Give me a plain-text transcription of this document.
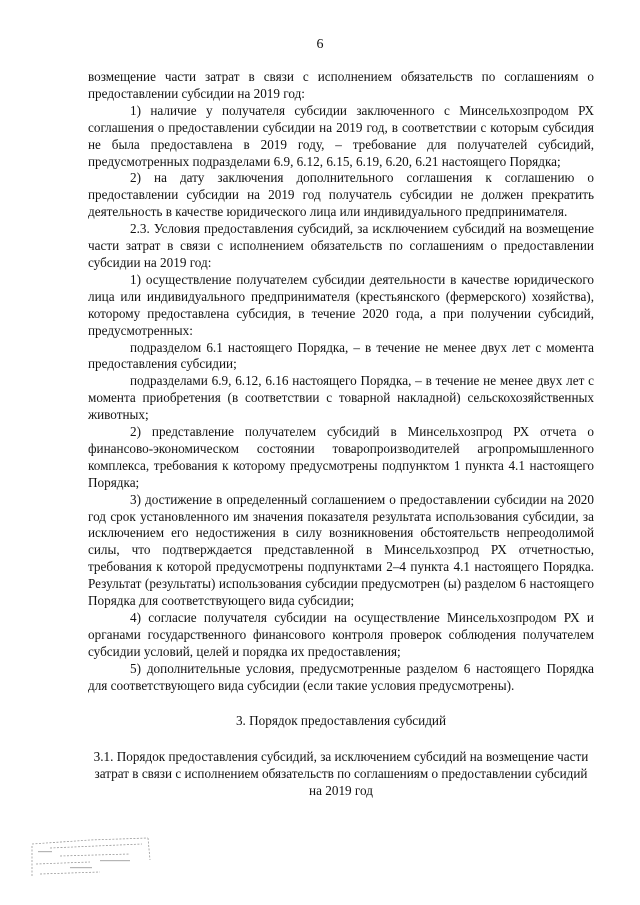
6

возмещение части затрат в связи с исполнением обязательств по соглашениям о предоставлении субсидии на 2019 год:

1) наличие у получателя субсидии заключенного с Минсельхозпродом РХ соглашения о предоставлении субсидии на 2019 год, в соответствии с которым субсидия не была предоставлена в 2019 году, – требование для получателей субсидий, предусмотренных подразделами 6.9, 6.12, 6.15, 6.19, 6.20, 6.21 настоящего Порядка;

2) на дату заключения дополнительного соглашения к соглашению о предоставлении субсидии на 2019 год получатель субсидии не должен прекратить деятельность в качестве юридического лица или индивидуального предпринимателя.

2.3. Условия предоставления субсидий, за исключением субсидий на возмещение части затрат в связи с исполнением обязательств по соглашениям о предоставлении субсидии на 2019 год:

1) осуществление получателем субсидии деятельности в качестве юридического лица или индивидуального предпринимателя (крестьянского (фермерского) хозяйства), которому предоставлена субсидия, в течение 2020 года, а при получении субсидий, предусмотренных:

подразделом 6.1 настоящего Порядка, – в течение не менее двух лет с момента предоставления субсидии;

подразделами 6.9, 6.12, 6.16 настоящего Порядка, – в течение не менее двух лет с момента приобретения (в соответствии с товарной накладной) сельскохозяйственных животных;

2) представление получателем субсидий в Минсельхозпрод РХ отчета о финансово-экономическом состоянии товаропроизводителей агропромышленного комплекса, требования к которому предусмотрены подпунктом 1 пункта 4.1 настоящего Порядка;

3) достижение в определенный соглашением о предоставлении субсидии на 2020 год срок установленного им значения показателя результата использования субсидии, за исключением его недостижения в силу возникновения обстоятельств непреодолимой силы, что подтверждается представленной в Минсельхозпрод РХ отчетностью, требования к которой предусмотрены подпунктами 2–4 пункта 4.1 настоящего Порядка. Результат (результаты) использования субсидии предусмотрен (ы) разделом 6 настоящего Порядка для соответствующего вида субсидии;

4) согласие получателя субсидии на осуществление Минсельхозпродом РХ и органами государственного финансового контроля проверок соблюдения получателем субсидии условий, целей и порядка их предоставления;

5) дополнительные условия, предусмотренные разделом 6 настоящего Порядка для соответствующего вида субсидии (если такие условия предусмотрены).

3. Порядок предоставления субсидий

3.1. Порядок предоставления субсидий, за исключением субсидий на возмещение части затрат в связи с исполнением обязательств по соглашениям о предоставлении субсидий на 2019 год
